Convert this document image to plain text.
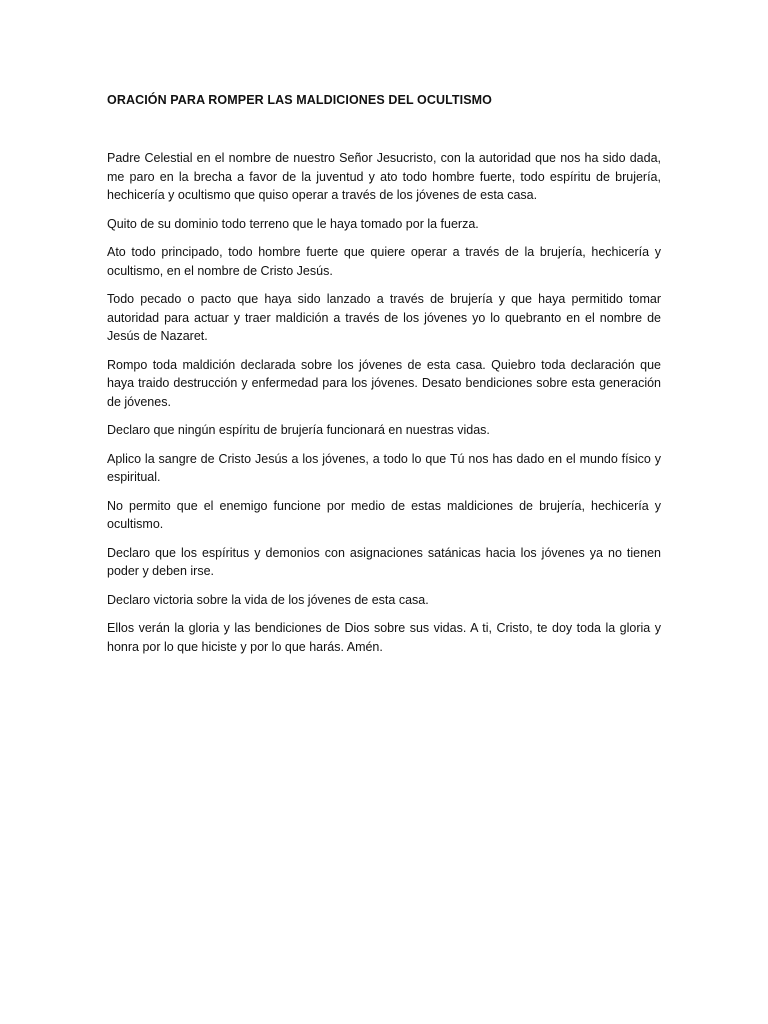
ORACIÓN PARA ROMPER LAS MALDICIONES DEL OCULTISMO

Padre Celestial en el nombre de nuestro Señor Jesucristo, con la autoridad que nos ha sido dada, me paro en la brecha a favor de la juventud y ato todo hombre fuerte, todo espíritu de brujería, hechicería y ocultismo que quiso operar a través de los jóvenes de esta casa.

Quito de su dominio todo terreno que le haya tomado por la fuerza.

Ato todo principado, todo hombre fuerte que quiere operar a través de la brujería, hechicería y ocultismo, en el nombre de Cristo Jesús.

Todo pecado o pacto que haya sido lanzado a través de brujería y que haya permitido tomar autoridad para actuar y traer maldición a través de los jóvenes yo lo quebranto en el nombre de Jesús de Nazaret.

Rompo toda maldición declarada sobre los jóvenes de esta casa. Quiebro toda declaración que haya traido destrucción y enfermedad para los jóvenes. Desato bendiciones sobre esta generación de jóvenes.

Declaro que ningún espíritu de brujería funcionará en nuestras vidas.

Aplico la sangre de Cristo Jesús a los jóvenes, a todo lo que Tú nos has dado en el mundo físico y espiritual.

No permito que el enemigo funcione por medio de estas maldiciones de brujería, hechicería y ocultismo.

Declaro que los espíritus y demonios con asignaciones satánicas hacia los jóvenes ya no tienen poder y deben irse.

Declaro victoria sobre la vida de los jóvenes de esta casa.

Ellos verán la gloria y las bendiciones de Dios sobre sus vidas. A ti, Cristo, te doy toda la gloria y honra por lo que hiciste y por lo que harás. Amén.
